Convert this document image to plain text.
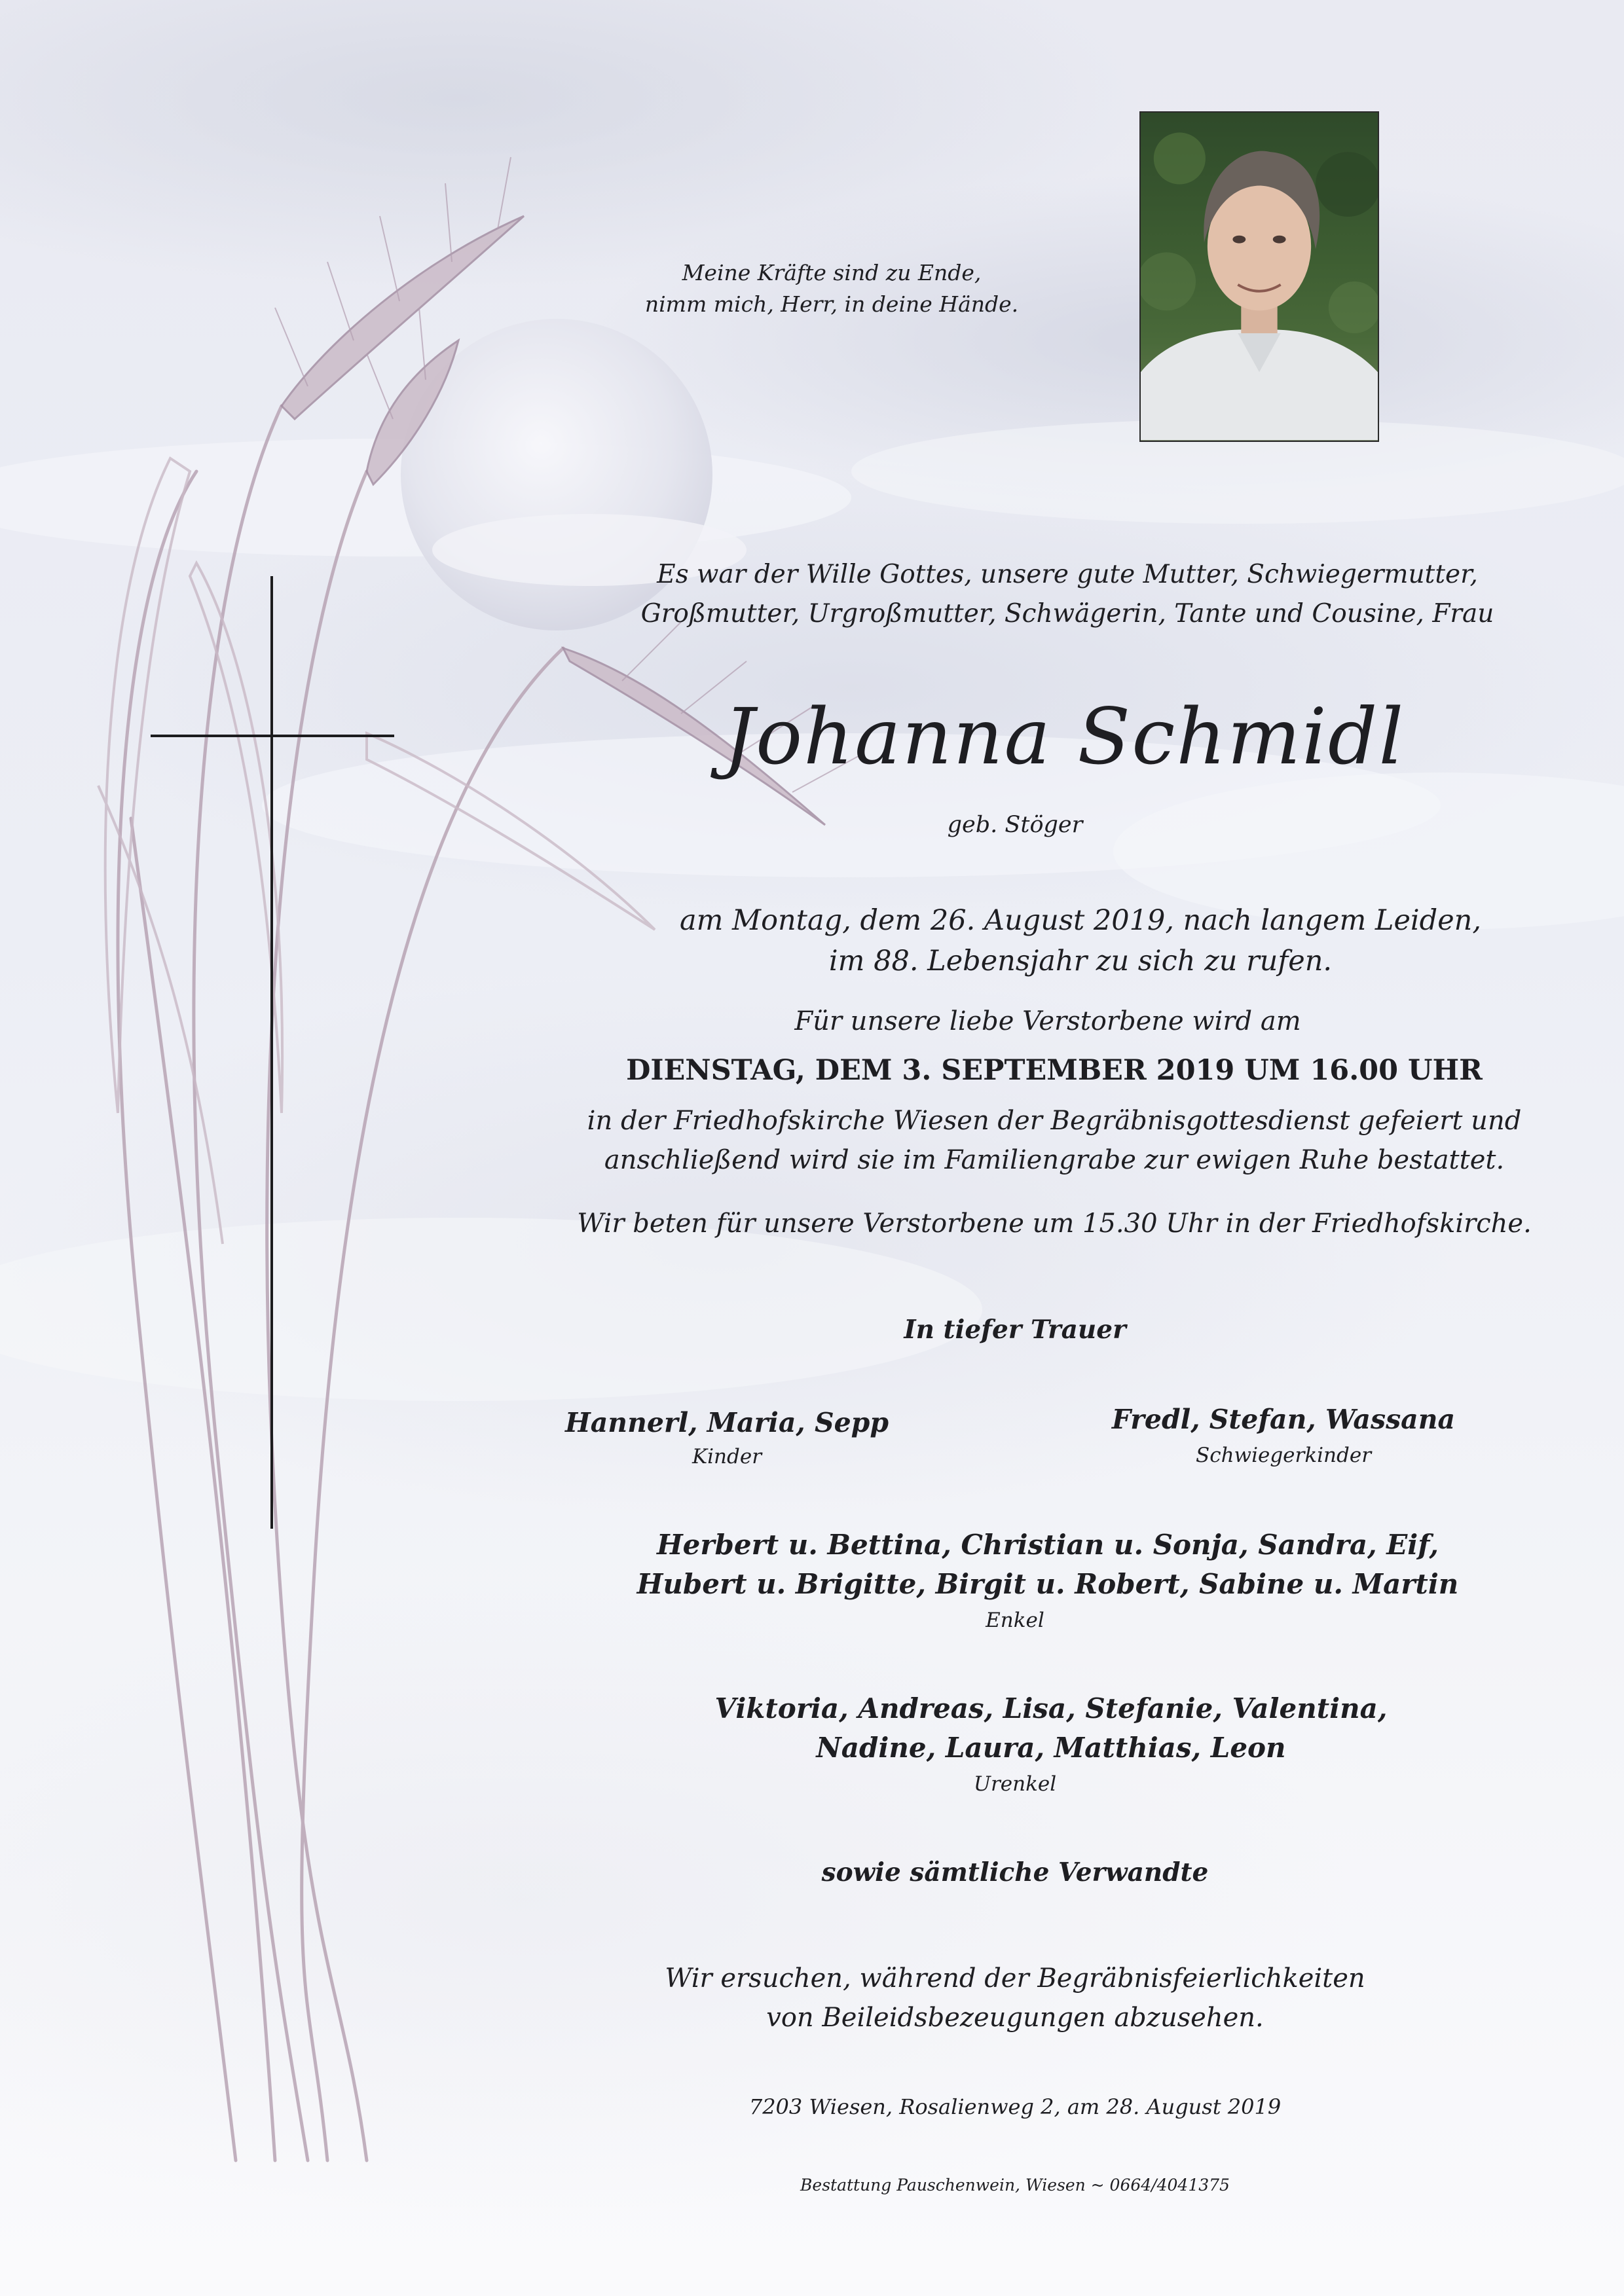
Meine Kräfte sind zu Ende,
nimm mich, Herr, in deine Hände.
Es war der Wille Gottes, unsere gute Mutter, Schwiegermutter,
Großmutter, Urgroßmutter, Schwägerin, Tante und Cousine, Frau
Johanna Schmidl
geb. Stöger
am Montag, dem 26. August 2019, nach langem Leiden,
im 88. Lebensjahr zu sich zu rufen.
Für unsere liebe Verstorbene wird am
DIENSTAG, DEM 3. SEPTEMBER 2019 UM 16.00 UHR
in der Friedhofskirche Wiesen der Begräbnisgottesdienst gefeiert und
anschließend wird sie im Familiengrabe zur ewigen Ruhe bestattet.
Wir beten für unsere Verstorbene um 15.30 Uhr in der Friedhofskirche.
In tiefer Trauer
Hannerl, Maria, Sepp
Kinder
Fredl, Stefan, Wassana
Schwiegerkinder
Herbert u. Bettina, Christian u. Sonja, Sandra, Eif,
Hubert u. Brigitte, Birgit u. Robert, Sabine u. Martin
Enkel
Viktoria, Andreas, Lisa, Stefanie, Valentina,
Nadine, Laura, Matthias, Leon
Urenkel
sowie sämtliche Verwandte
Wir ersuchen, während der Begräbnisfeierlichkeiten
von Beileidsbezeugungen abzusehen.
7203 Wiesen, Rosalienweg 2, am 28. August 2019
Bestattung Pauschenwein, Wiesen ~ 0664/4041375
